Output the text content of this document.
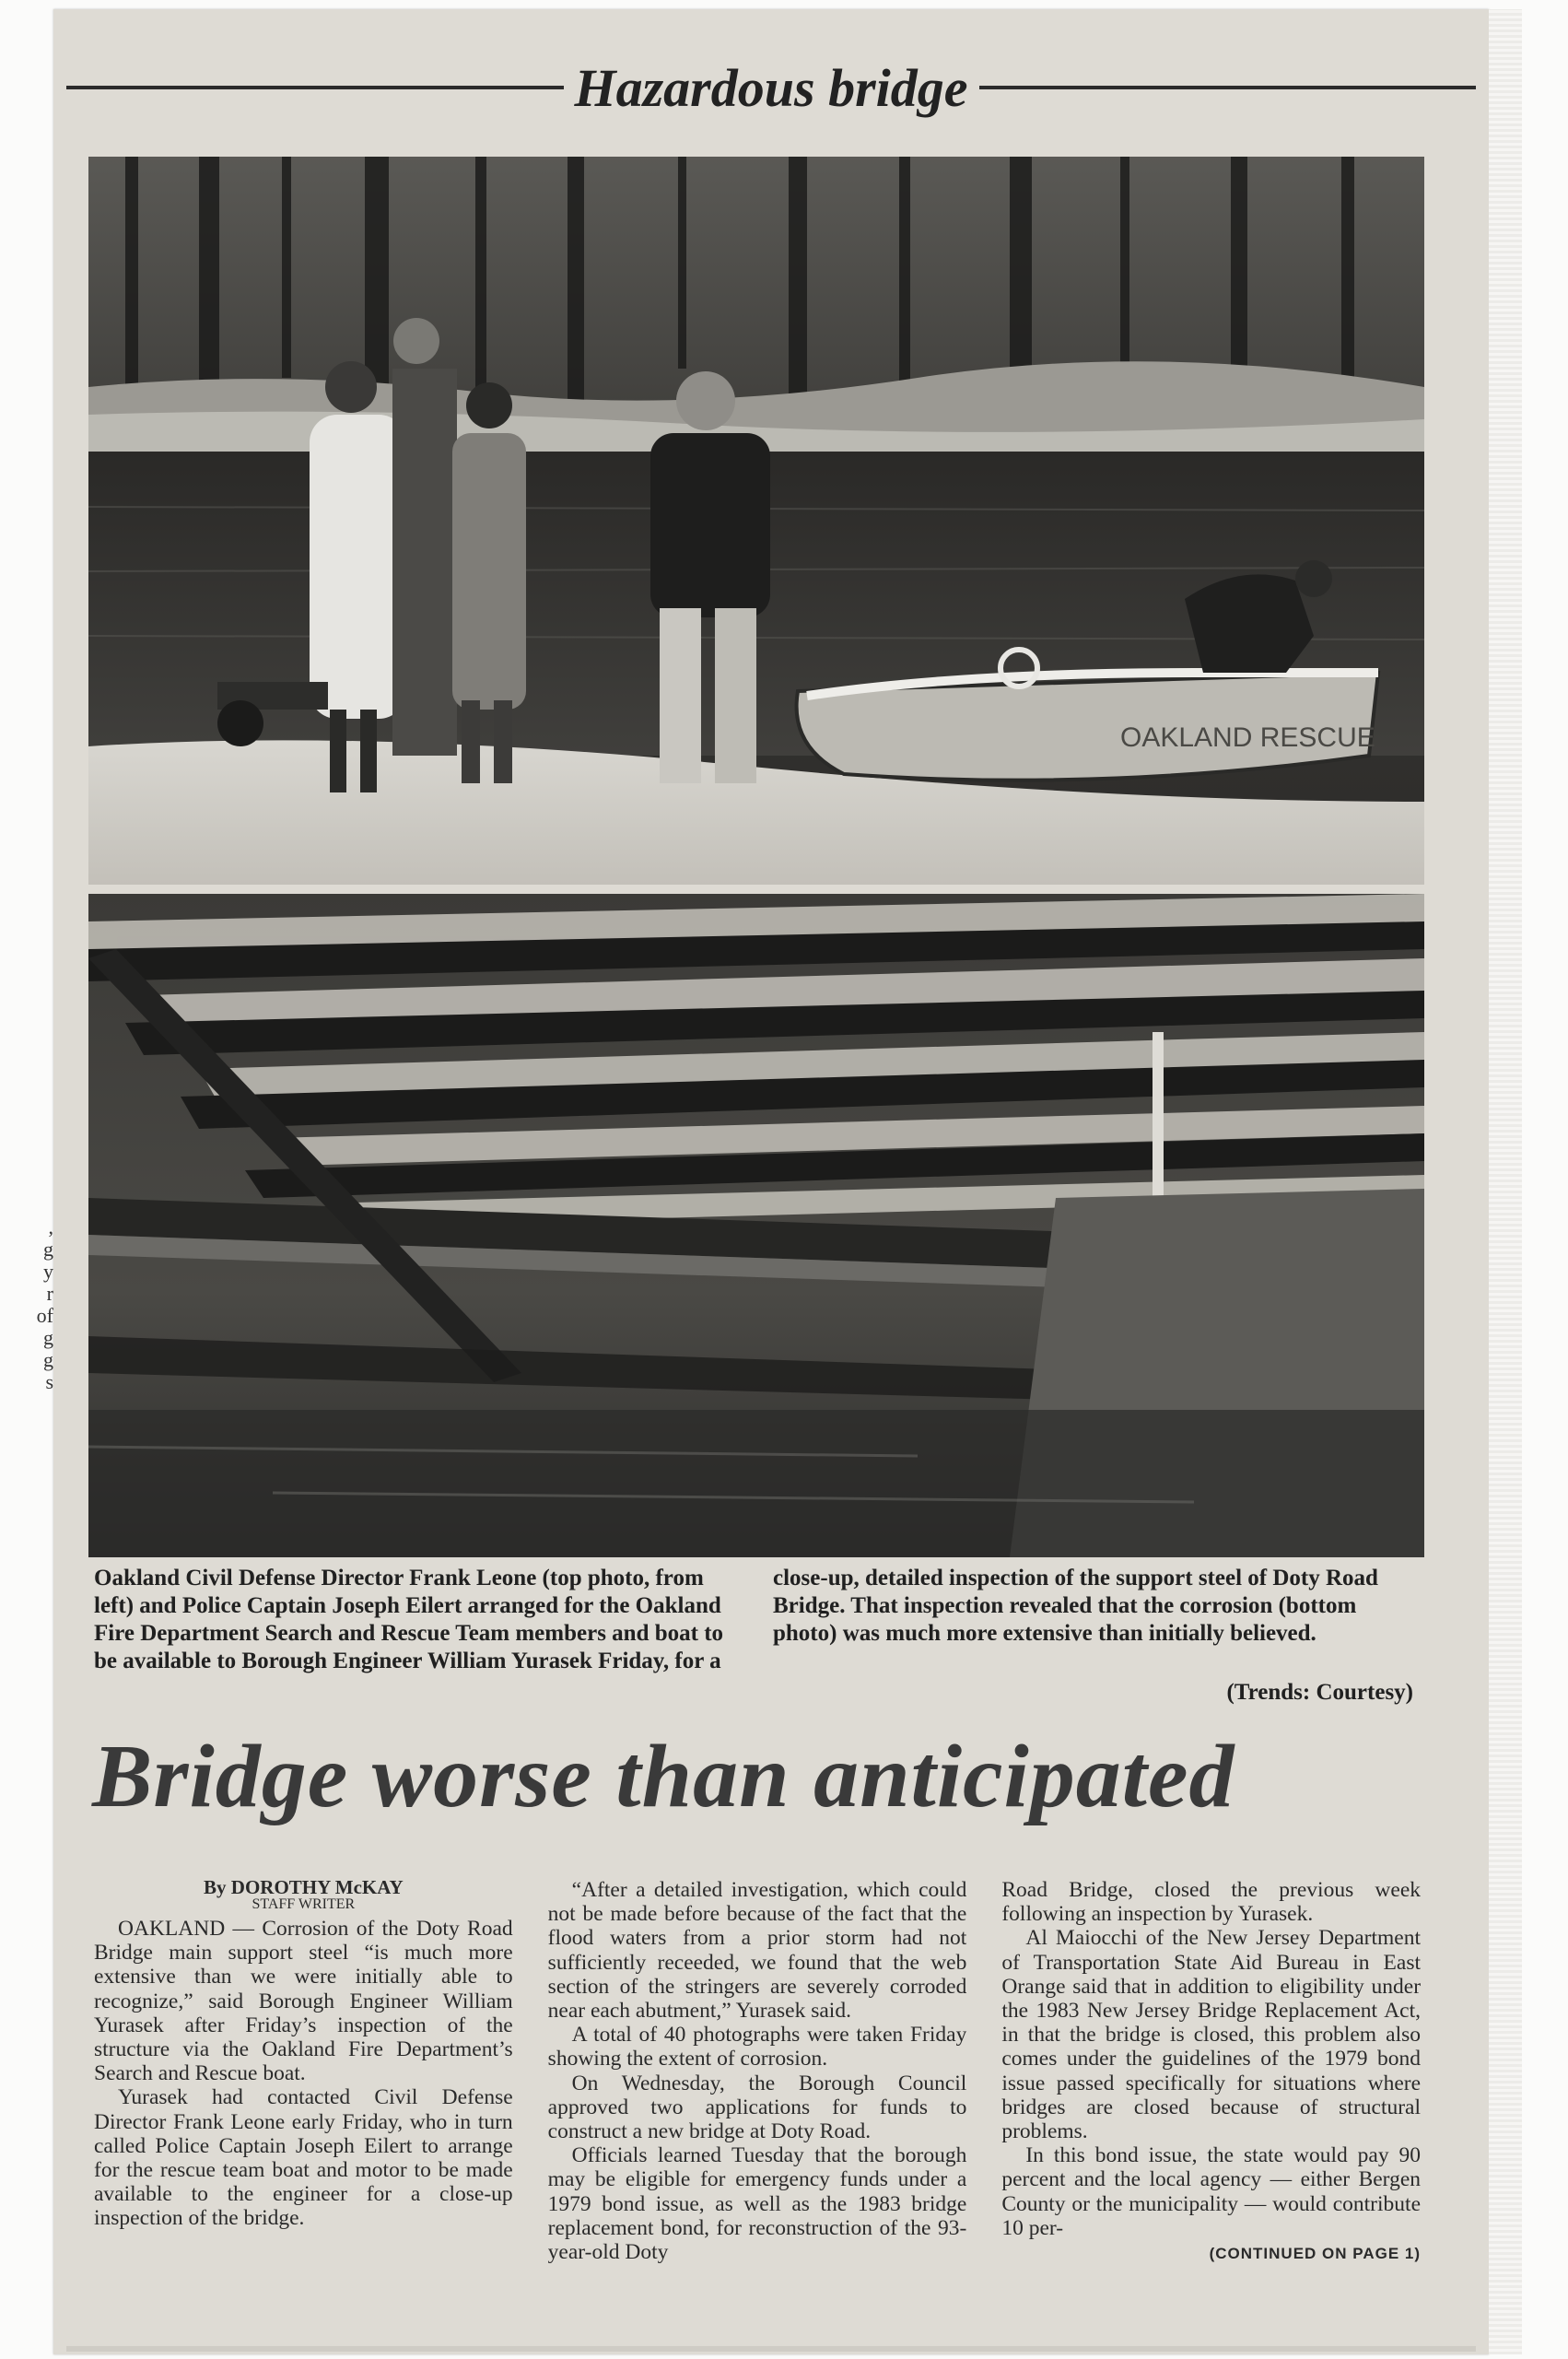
Hazardous bridge
OAKLAND RESCUE
,
g
y
r
of
g
g
s
Oakland Civil Defense Director Frank Leone (top photo, from left) and Police Captain Joseph Eilert arranged for the Oakland Fire Department Search and Rescue Team members and boat to be available to Borough Engineer William Yurasek Friday, for a
close-up, detailed inspection of the support steel of Doty Road Bridge. That inspection revealed that the corrosion (bottom photo) was much more extensive than initially believed.
(Trends: Courtesy)
Bridge worse than anticipated
By DOROTHY McKAY
STAFF WRITER

OAKLAND — Corrosion of the Doty Road Bridge main support steel “is much more extensive than we were initially able to recognize,” said Borough Engineer William Yurasek after Friday’s inspection of the structure via the Oakland Fire Department’s Search and Rescue boat.

Yurasek had contacted Civil Defense Director Frank Leone early Friday, who in turn called Police Captain Joseph Eilert to arrange for the rescue team boat and motor to be made available to the engineer for a close-up inspection of the bridge.

“After a detailed investigation, which could not be made before because of the fact that the flood waters from a prior storm had not sufficiently receeded, we found that the web section of the stringers are severely corroded near each abutment,” Yurasek said.

A total of 40 photographs were taken Friday showing the extent of corrosion.

On Wednesday, the Borough Council approved two applications for funds to construct a new bridge at Doty Road.

Officials learned Tuesday that the borough may be eligible for emergency funds under a 1979 bond issue, as well as the 1983 bridge replacement bond, for reconstruction of the 93-year-old Doty

Road Bridge, closed the previous week following an inspection by Yurasek.

Al Maiocchi of the New Jersey Department of Transportation State Aid Bureau in East Orange said that in addition to eligibility under the 1983 New Jersey Bridge Replacement Act, in that the bridge is closed, this problem also comes under the guidelines of the 1979 bond issue passed specifically for situations where bridges are closed because of structural problems.

In this bond issue, the state would pay 90 percent and the local agency — either Bergen County or the municipality — would contribute 10 per-

(CONTINUED ON PAGE 1)
